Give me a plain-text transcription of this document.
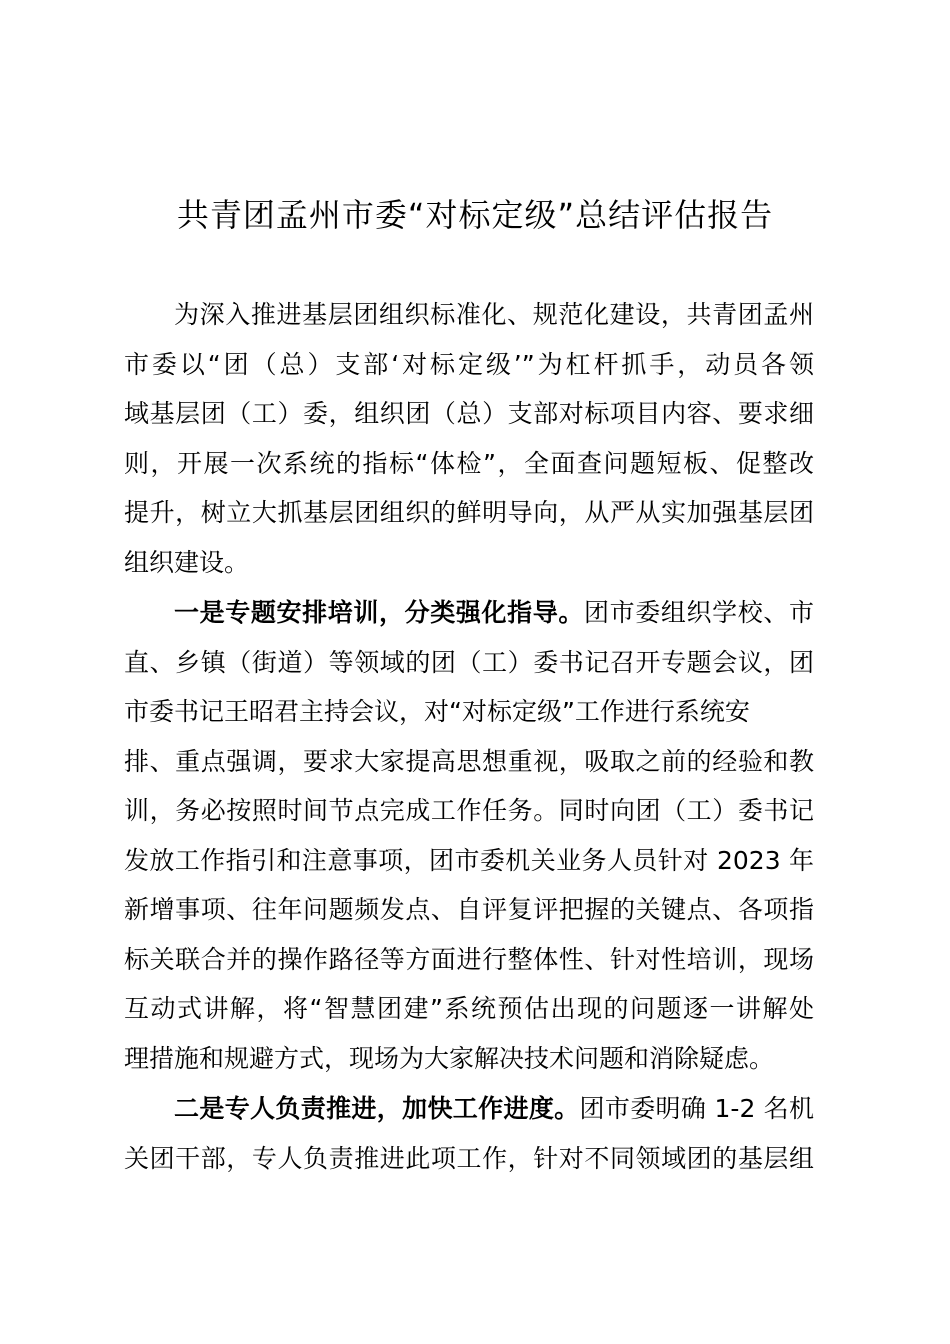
共青团孟州市委“对标定级”总结评估报告
为深入推进基层团组织标准化、规范化建设，共青团孟州
市委以“团（总）支部‘对标定级’”为杠杆抓手，动员各领
域基层团（工）委，组织团（总）支部对标项目内容、要求细
则，开展一次系统的指标“体检”，全面查问题短板、促整改
提升，树立大抓基层团组织的鲜明导向，从严从实加强基层团
组织建设。
一是专题安排培训，分类强化指导。团市委组织学校、市
直、乡镇（街道）等领域的团（工）委书记召开专题会议，团
市委书记王昭君主持会议，对“对标定级”工作进行系统安
排、重点强调，要求大家提高思想重视，吸取之前的经验和教
训，务必按照时间节点完成工作任务。同时向团（工）委书记
发放工作指引和注意事项，团市委机关业务人员针对 2023 年
新增事项、往年问题频发点、自评复评把握的关键点、各项指
标关联合并的操作路径等方面进行整体性、针对性培训，现场
互动式讲解，将“智慧团建”系统预估出现的问题逐一讲解处
理措施和规避方式，现场为大家解决技术问题和消除疑虑。
二是专人负责推进，加快工作进度。团市委明确 1-2 名机
关团干部，专人负责推进此项工作，针对不同领域团的基层组
